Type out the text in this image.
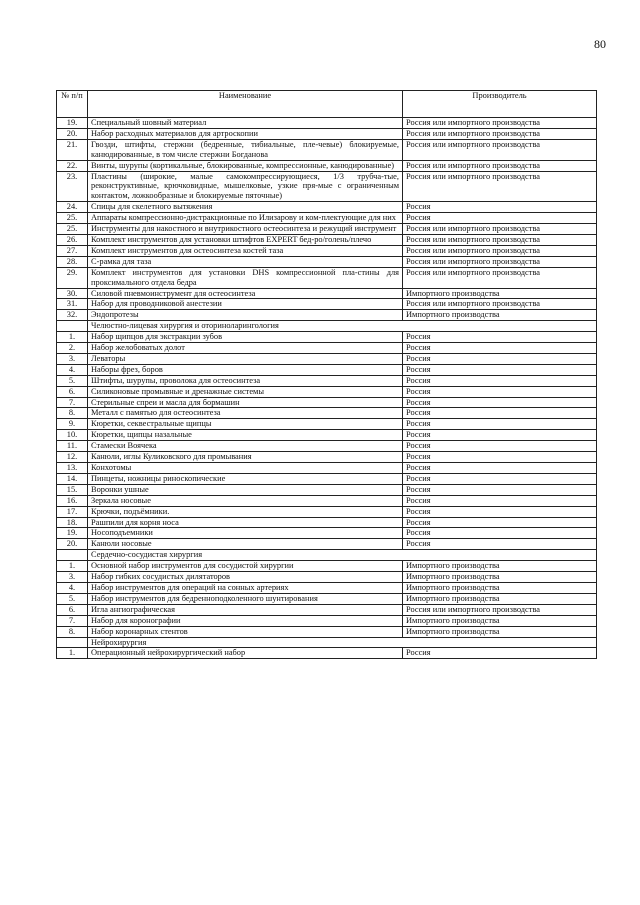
80
№ п/п	Наименование	Производитель
19.	Специальный шовный материал	Россия или импортного производства
20.	Набор расходных материалов для артроскопии	Россия или импортного производства
21.	Гвозди, штифты, стержни (бедренные, тибиальные, пле-чевые) блокируемые, канюдированные, в том числе стержни Богданова	Россия или импортного производства
22.	Винты, шурупы (кортикальные, блокированные, компрессионные, канюдированные)	Россия или импортного производства
23.	Пластины (широкие, малые самокомпрессирующиеся, 1/3 трубча-тые, реконструктивные, крючковидные, мышелковые, узкие пря-мые с ограниченным контактом, ложкообразные и блокируемые пяточные)	Россия или импортного производства
24.	Спицы для скелетного вытяжения	Россия
25.	Аппараты компрессионно-дистракционные по Илизарову и ком-плектующие для них	Россия
25.	Инструменты для накостного и внутрикостного остеосинтеза и режущий инструмент	Россия или импортного производства
26.	Комплект инструментов для установки штифтов EXPERT бед-ро/голень/плечо	Россия или импортного производства
27.	Комплект инструментов для остеосинтеза костей таза	Россия или импортного производства
28.	С-рамка для таза	Россия или импортного производства
29.	Комплект инструментов для установки DHS компрессионной пла-стины для проксимального отдела бедра	Россия или импортного производства
30.	Силовой пневмоинструмент для остеосинтеза	Импортного производства
31.	Набор для проводниковой анестезии	Россия или импортного производства
32.	Эндопротезы	Импортного производства
	Челюстно-лицевая хирургия и оториноларингология	
1.	Набор щипцов для экстракции зубов	Россия
2.	Набор желобоватых долот	Россия
3.	Леваторы	Россия
4.	Наборы фрез, боров	Россия
5.	Штифты, шурупы, проволока для остеосинтеза	Россия
6.	Силиконовые промывные и дренажные системы	Россия
7.	Стерильные спреи и масла для бормашин	Россия
8.	Металл с памятью для остеосинтеза	Россия
9.	Кюретки, секвестральные щипцы	Россия
10.	Кюретки, щипцы назальные	Россия
11.	Стамески Воячека	Россия
12.	Канюли, иглы Куликовского для промывания	Россия
13.	Конхотомы	Россия
14.	Пинцеты, ножницы риноскопические	Россия
15.	Воронки ушные	Россия
16.	Зеркала носовые	Россия
17.	Крючки, подъёмники.	Россия
18.	Рашпили для корня носа	Россия
19.	Носоподъемники	Россия
20.	Канюли носовые	Россия
	Сердечно-сосудистая хирургия	
1.	Основной набор инструментов для сосудистой хирургии	Импортного производства
3.	Набор гибких сосудистых дилятаторов	Импортного производства
4.	Набор инструментов для операций на сонных артериях	Импортного производства
5.	Набор инструментов для бедренноподколенного шунтирования	Импортного производства
6.	Игла ангиографическая	Россия или импортного производства
7.	Набор для коронографии	Импортного производства
8.	Набор коронарных стентов	Импортного производства
	Нейрохирургия	
1.	Операционный нейрохирургический набор	Россия
